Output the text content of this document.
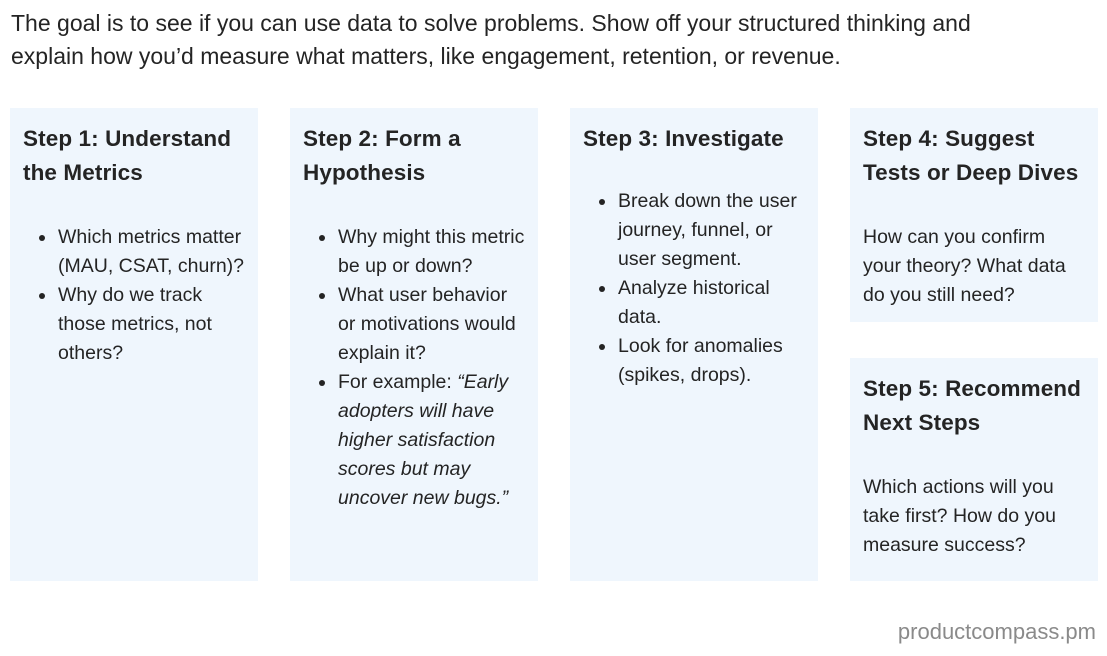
The goal is to see if you can use data to solve problems. Show off your structured thinking and
explain how you’d measure what matters, like engagement, retention, or revenue.

Step 1: Understand the Metrics
Which metrics matter (MAU, CSAT, churn)?
Why do we track those metrics, not others?
Step 2: Form a Hypothesis
Why might this metric be up or down?
What user behavior or motivations would explain it?
For example: “Early adopters will have higher satisfaction scores but may uncover new bugs.”
Step 3: Investigate
Break down the user journey, funnel, or user segment.
Analyze historical data.
Look for anomalies (spikes, drops).
Step 4: Suggest Tests or Deep Dives

How can you confirm your theory? What data do you still need?

Step 5: Recommend Next Steps

Which actions will you take first? How do you measure success?

productcompass.pm
